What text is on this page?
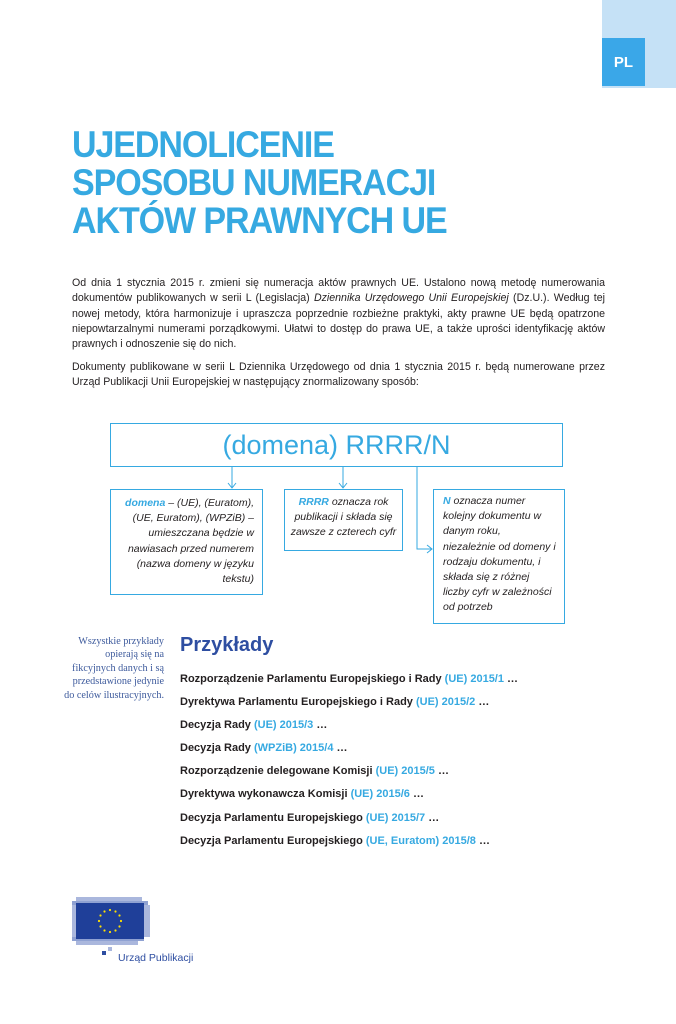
PL
UJEDNOLICENIE
SPOSOBU NUMERACJI
AKTÓW PRAWNYCH UE

Od dnia 1 stycznia 2015 r. zmieni się numeracja aktów prawnych UE. Ustalono nową metodę numerowania dokumentów publikowanych w serii L (Legislacja) Dziennika Urzędowego Unii Europejskiej (Dz.U.). Według tej nowej metody, która harmonizuje i upraszcza poprzednie rozbieżne praktyki, akty prawne UE będą opatrzone niepowtarzalnymi numerami porządkowymi. Ułatwi to dostęp do prawa UE, a także uprości identyfikację aktów prawnych i odnoszenie się do nich.

Dokumenty publikowane w serii L Dziennika Urzędowego od dnia 1 stycznia 2015 r. będą numerowane przez Urząd Publikacji Unii Europejskiej w następujący znormalizowany sposób:

(domena) RRRR/N
domena – (UE), (Euratom), (UE, Euratom), (WPZiB) – umieszczana będzie w nawiasach przed numerem (nazwa domeny w języku tekstu)
RRRR oznacza rok publikacji i składa się zawsze z czterech cyfr
N oznacza numer kolejny dokumentu w danym roku, niezależnie od domeny i rodzaju dokumentu, i składa się z różnej liczby cyfr w zależności od potrzeb

Wszystkie przykłady opierają się na fikcyjnych danych i są przedstawione jedynie do celów ilustracyjnych.

Przykłady
Rozporządzenie Parlamentu Europejskiego i Rady (UE) 2015/1 …
Dyrektywa Parlamentu Europejskiego i Rady (UE) 2015/2 …
Decyzja Rady (UE) 2015/3 …
Decyzja Rady (WPZiB) 2015/4 …
Rozporządzenie delegowane Komisji (UE) 2015/5 …
Dyrektywa wykonawcza Komisji (UE) 2015/6 …
Decyzja Parlamentu Europejskiego (UE) 2015/7 …
Decyzja Parlamentu Europejskiego (UE, Euratom) 2015/8 …
Urząd Publikacji
